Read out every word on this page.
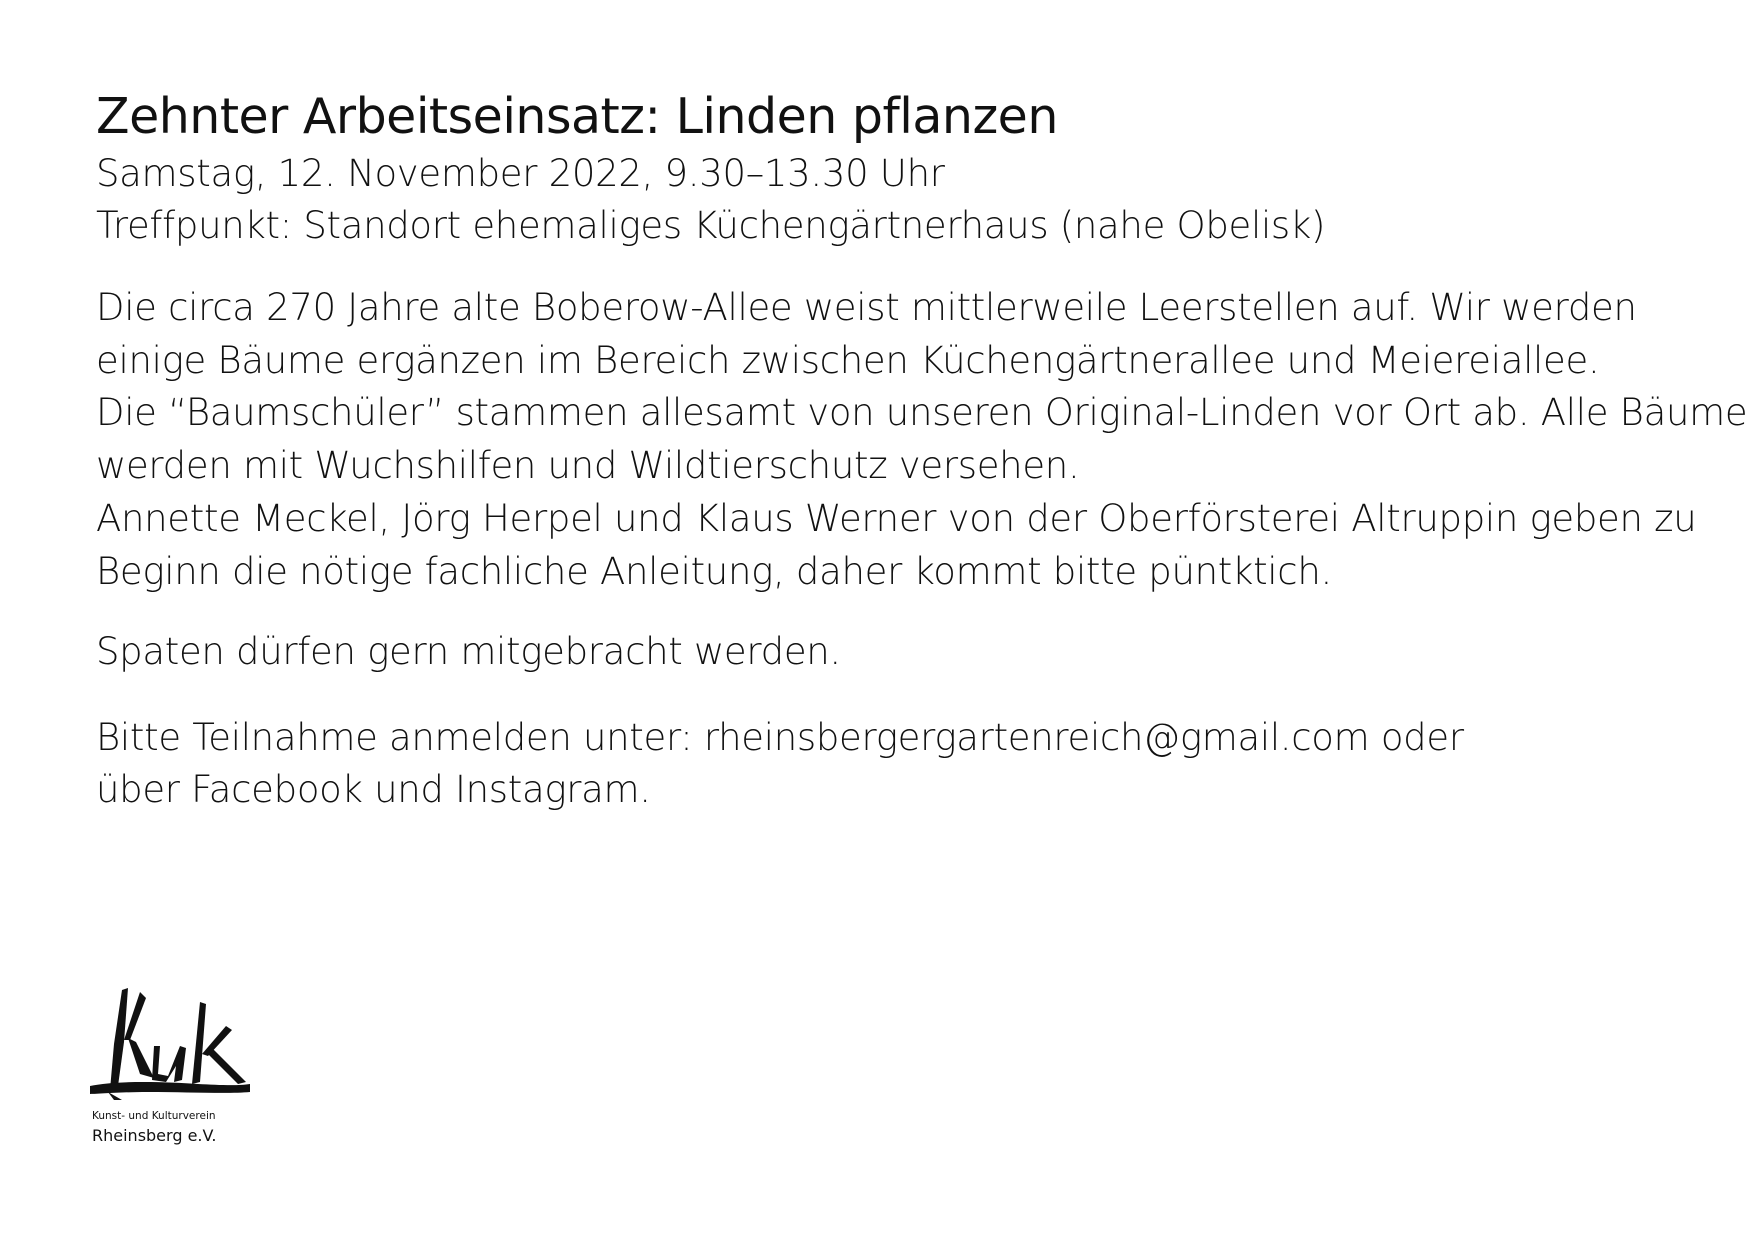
Zehnter Arbeitseinsatz: Linden pflanzen

Samstag, 12. November 2022, 9.30–13.30 Uhr

Treffpunkt: Standort ehemaliges Küchengärtnerhaus (nahe Obelisk)

Die circa 270 Jahre alte Boberow-Allee weist mittlerweile Leerstellen auf. Wir werden

einige Bäume ergänzen im Bereich zwischen Küchengärtnerallee und Meiereiallee.

Die “Baumschüler” stammen allesamt von unseren Original-Linden vor Ort ab. Alle Bäume

werden mit Wuchshilfen und Wildtierschutz versehen.

Annette Meckel, Jörg Herpel und Klaus Werner von der Oberförsterei Altruppin geben zu

Beginn die nötige fachliche Anleitung, daher kommt bitte püntktich.

Spaten dürfen gern mitgebracht werden.

Bitte Teilnahme anmelden unter: rheinsbergergartenreich@gmail.com oder

über Facebook und Instagram.

Kunst- und Kulturverein
Rheinsberg e.V.
